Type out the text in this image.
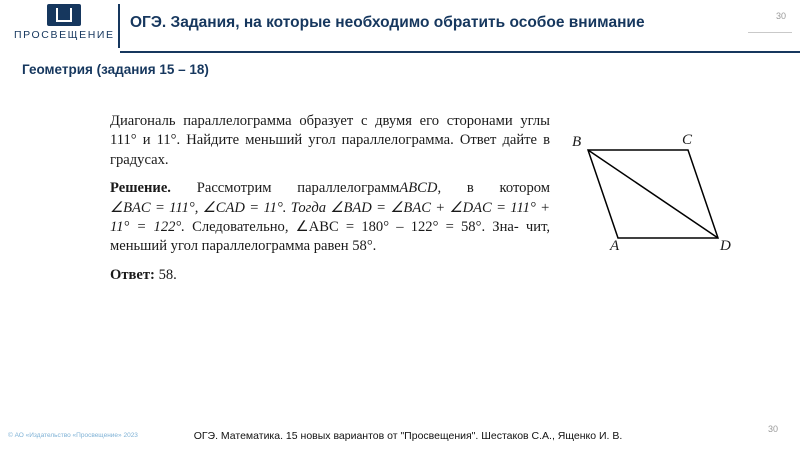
ОГЭ. Задания, на которые необходимо обратить особое внимание
ПРОСВЕЩЕНИЕ
30
Геометрия (задания 15 – 18)

Диагональ параллелограмма образует с двумя его сторонами углы 111° и 11°. Найдите меньший угол параллелограмма. Ответ дайте в градусах.

Решение. Рассмотрим параллелограммABCD, в котором ∠BAC = 111°, ∠CAD = 11°. Тогда ∠BAD = ∠BAC + ∠DAC = 111° + 11° = 122°. Следовательно, ∠ABC = 180° – 122° = 58°. Зна- чит, меньший угол параллелограмма равен 58°.

Ответ: 58.

B	C
A	D
ОГЭ. Математика. 15 новых вариантов от "Просвещения". Шестаков С.А., Ященко И. В.
© АО «Издательство «Просвещение» 2023
30
